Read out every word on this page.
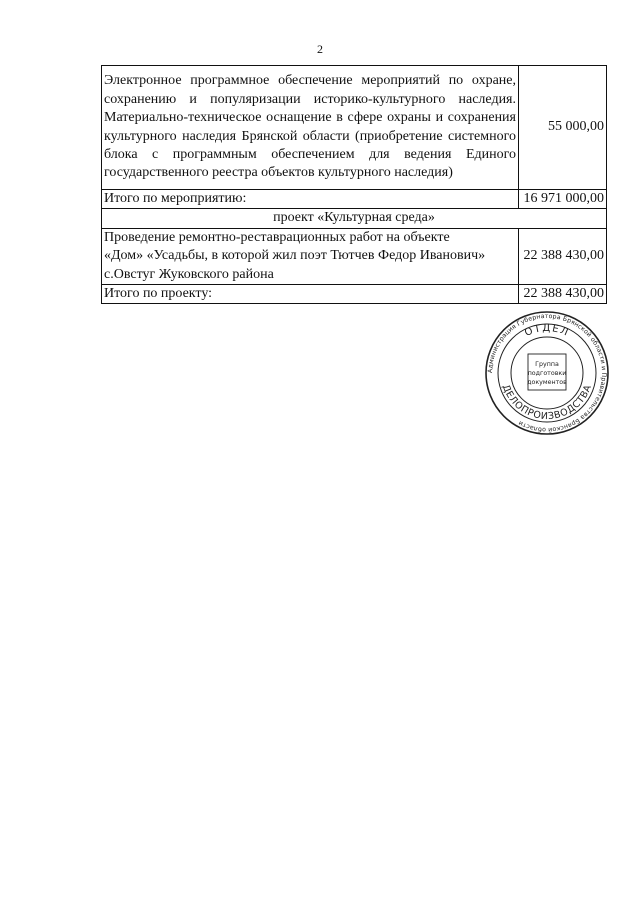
2
Электронное программное обеспечение мероприятий по охране, сохранению и популяризации историко-культурного наследия. Материально-техническое оснащение в сфере охраны и сохранения культурного наследия Брянской области (приобретение системного блока с программным обеспечением для ведения Единого государственного реестра объектов культурного наследия)	55 000,00
Итого по мероприятию:	16 971 000,00
проект «Культурная среда»	

Проведение ремонтно-реставрационных работ на объекте
«Дом» «Усадьбы, в которой жил поэт Тютчев Федор Иванович»
с.Овстуг Жуковского района	22 388 430,00
Итого по проекту:	22 388 430,00
Администрация Губернатора Брянской области и Правительства Брянской области
ОТДЕЛ
ДЕЛОПРОИЗВОДСТВА
Группа
подготовки
документов
